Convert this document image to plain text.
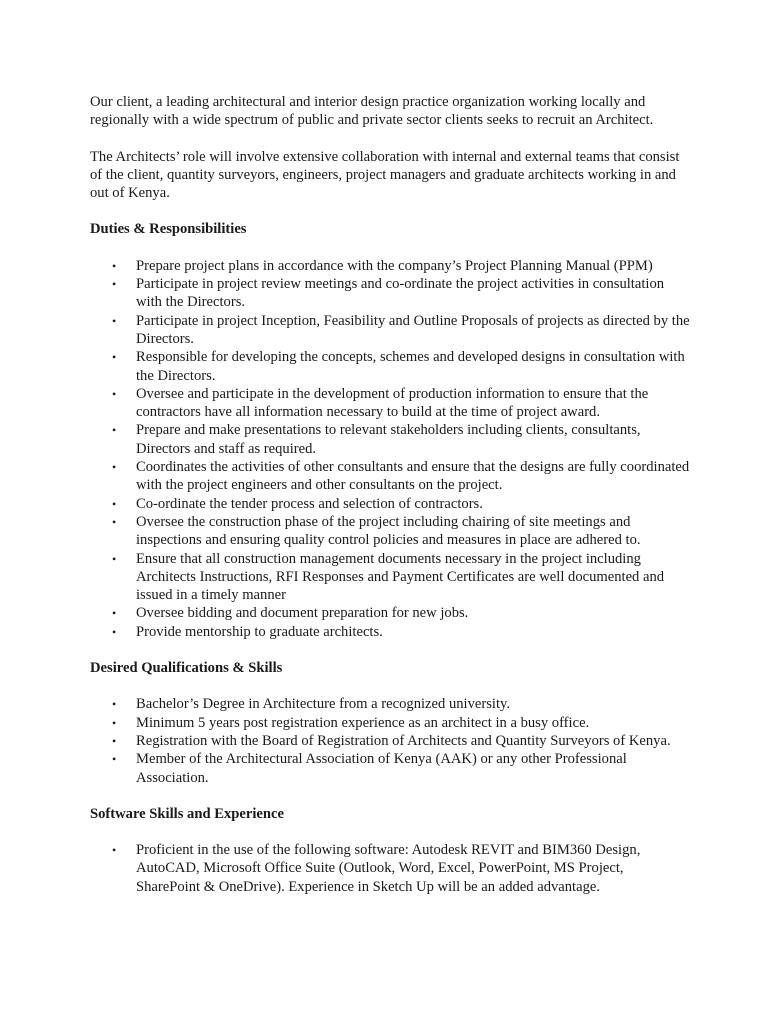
Our client, a leading architectural and interior design practice organization working locally and regionally with a wide spectrum of public and private sector clients seeks to recruit an Architect.

The Architects’ role will involve extensive collaboration with internal and external teams that consist of the client, quantity surveyors, engineers, project managers and graduate architects working in and out of Kenya.

Duties & Responsibilities
• Prepare project plans in accordance with the company’s Project Planning Manual (PPM)
• Participate in project review meetings and co-ordinate the project activities in consultation with the Directors.
• Participate in project Inception, Feasibility and Outline Proposals of projects as directed by the Directors.
• Responsible for developing the concepts, schemes and developed designs in consultation with the Directors.
• Oversee and participate in the development of production information to ensure that the contractors have all information necessary to build at the time of project award.
• Prepare and make presentations to relevant stakeholders including clients, consultants, Directors and staff as required.
• Coordinates the activities of other consultants and ensure that the designs are fully coordinated with the project engineers and other consultants on the project.
• Co-ordinate the tender process and selection of contractors.
• Oversee the construction phase of the project including chairing of site meetings and inspections and ensuring quality control policies and measures in place are adhered to.
• Ensure that all construction management documents necessary in the project including Architects Instructions, RFI Responses and Payment Certificates are well documented and issued in a timely manner
• Oversee bidding and document preparation for new jobs.
• Provide mentorship to graduate architects.
Desired Qualifications & Skills
• Bachelor’s Degree in Architecture from a recognized university.
• Minimum 5 years post registration experience as an architect in a busy office.
• Registration with the Board of Registration of Architects and Quantity Surveyors of Kenya.
• Member of the Architectural Association of Kenya (AAK) or any other Professional Association.
Software Skills and Experience
• Proficient in the use of the following software: Autodesk REVIT and BIM360 Design, AutoCAD, Microsoft Office Suite (Outlook, Word, Excel, PowerPoint, MS Project, SharePoint & OneDrive). Experience in Sketch Up will be an added advantage.
